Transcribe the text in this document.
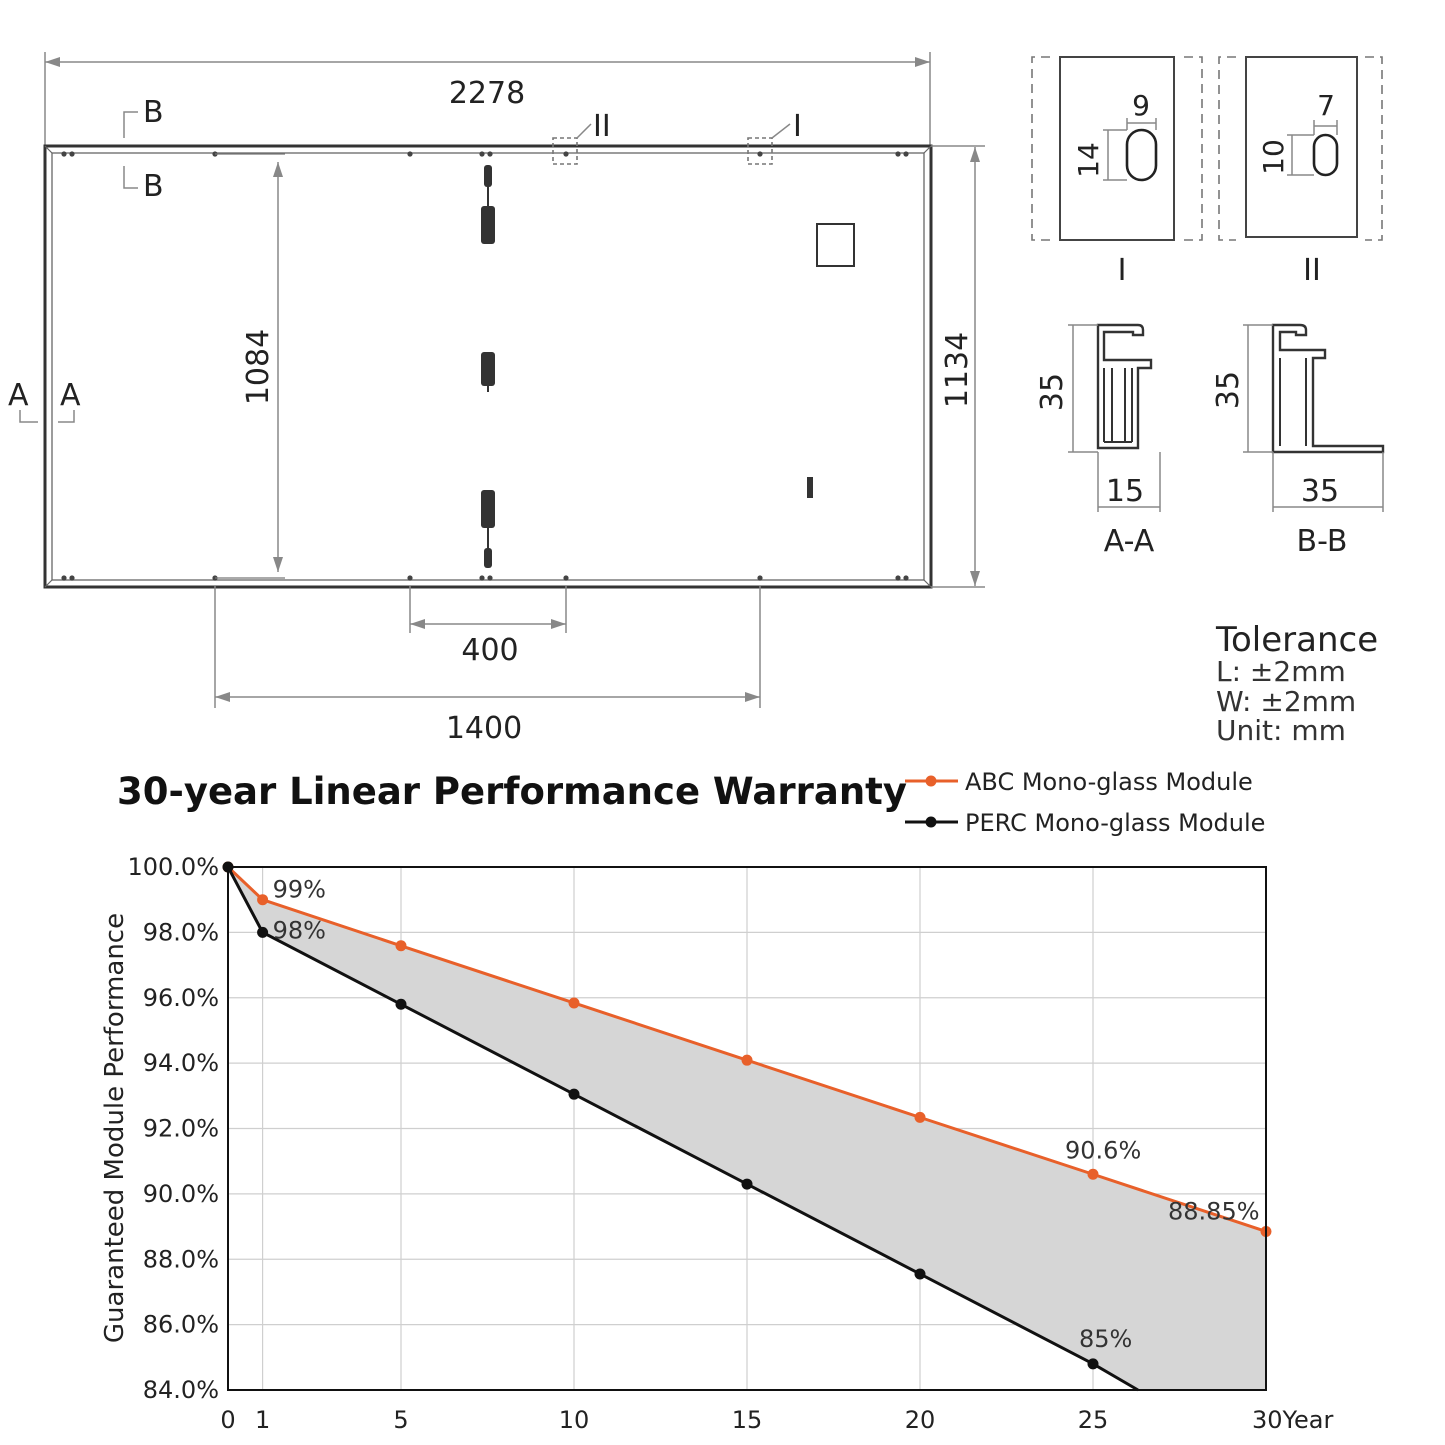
2278
II	I
B
B
A A	1084	1134
400
1400
9
14
I
7
10
II
35
15
A-A
35
35
B-B
Tolerance
L: ±2mm
W: ±2mm
Unit: mm
30-year Linear Performance Warranty ABC Mono-glass Module
PERC Mono-glass Module
0 1	5	10	15	20	25	30Year
84.0%
86.0%
88.0%
90.0%
92.0%
94.0%
96.0%
98.0%
100.0%
99%
98%
90.6%
88.85%
85%
Guaranteed Module Performance
